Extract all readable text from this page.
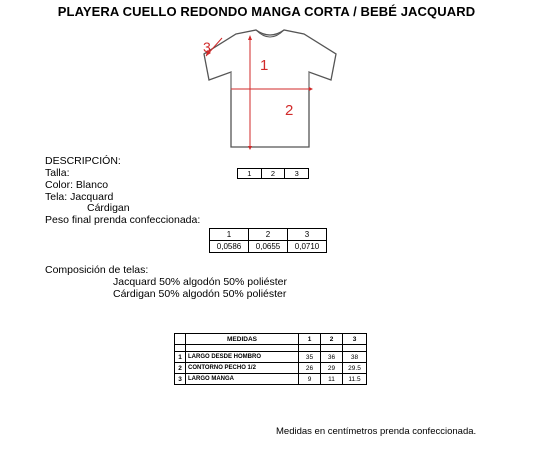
PLAYERA CUELLO REDONDO MANGA CORTA / BEBÉ JACQUARD
3
1
2
DESCRIPCIÓN:
Talla:
Color: Blanco
Tela: Jacquard
Cárdigan
Peso final prenda confeccionada:
1	2	3
1	2	3
0,0586	0,0655	0,0710
Composición de telas:
Jacquard 50% algodón 50% poliéster
Cárdigan 50% algodón 50% poliéster
	MEDIDAS	1	2	3

1	LARGO DESDE HOMBRO	35	36	38
2	CONTORNO PECHO 1/2	26	29	29.5
3	LARGO MANGA	9	11	11.5
Medidas en centímetros prenda confeccionada.
